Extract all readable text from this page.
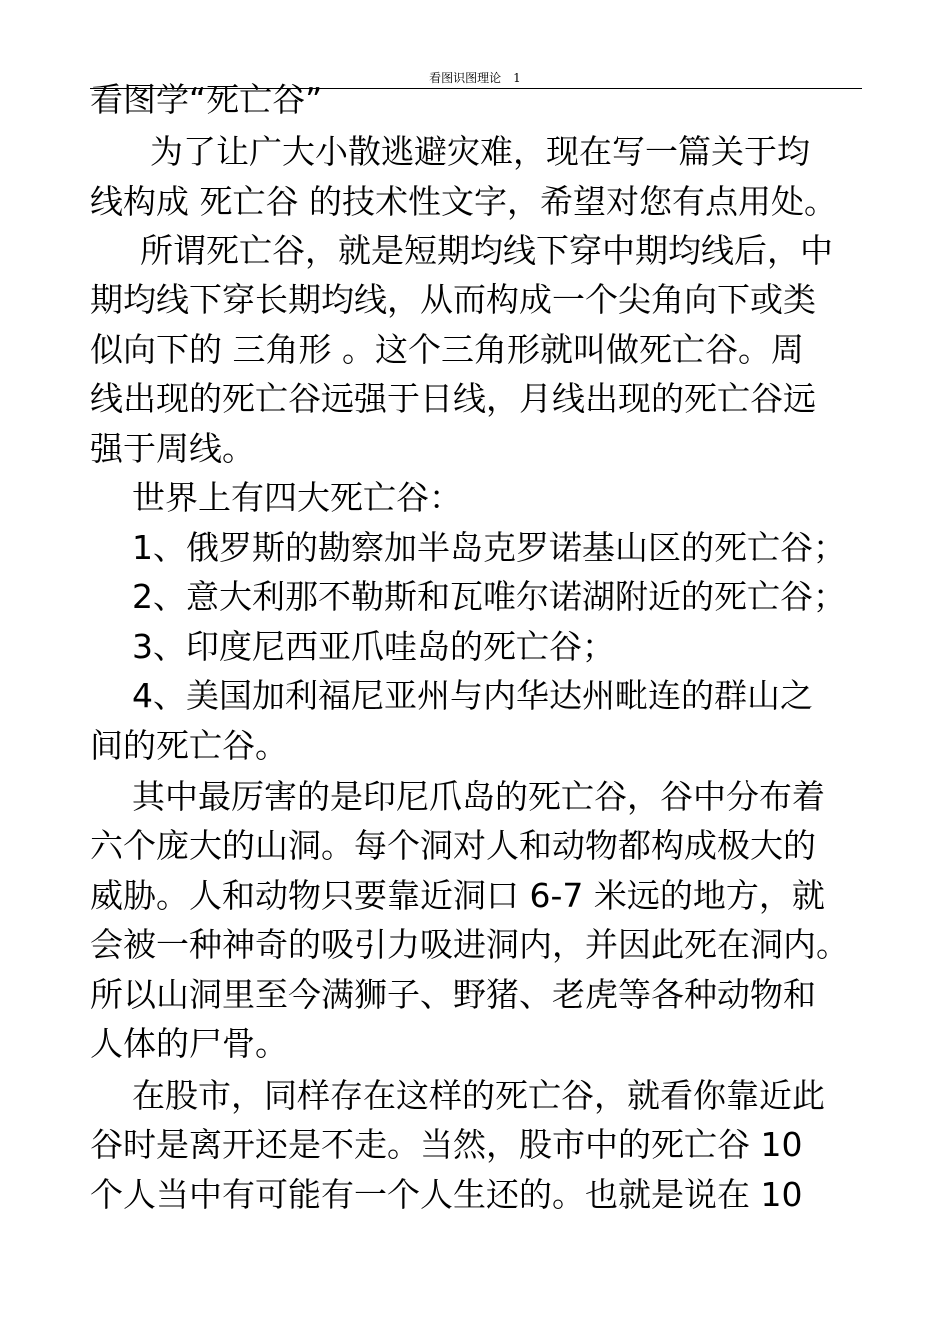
看图识图理论　1
看图学“死亡谷”
为了让广大小散逃避灾难，现在写一篇关于均
线构成 死亡谷 的技术性文字，希望对您有点用处。
所谓死亡谷，就是短期均线下穿中期均线后，中
期均线下穿长期均线，从而构成一个尖角向下或类
似向下的 三角形 。这个三角形就叫做死亡谷。周
线出现的死亡谷远强于日线，月线出现的死亡谷远
强于周线。
世界上有四大死亡谷：
1、俄罗斯的勘察加半岛克罗诺基山区的死亡谷；
2、意大利那不勒斯和瓦唯尔诺湖附近的死亡谷；
3、印度尼西亚爪哇岛的死亡谷；
4、美国加利福尼亚州与内华达州毗连的群山之
间的死亡谷。
其中最厉害的是印尼爪岛的死亡谷，谷中分布着
六个庞大的山洞。每个洞对人和动物都构成极大的
威胁。人和动物只要靠近洞口 6-7 米远的地方，就
会被一种神奇的吸引力吸进洞内，并因此死在洞内。
所以山洞里至今满狮子、野猪、老虎等各种动物和
人体的尸骨。
在股市，同样存在这样的死亡谷，就看你靠近此
谷时是离开还是不走。当然，股市中的死亡谷 10
个人当中有可能有一个人生还的。也就是说在 10
